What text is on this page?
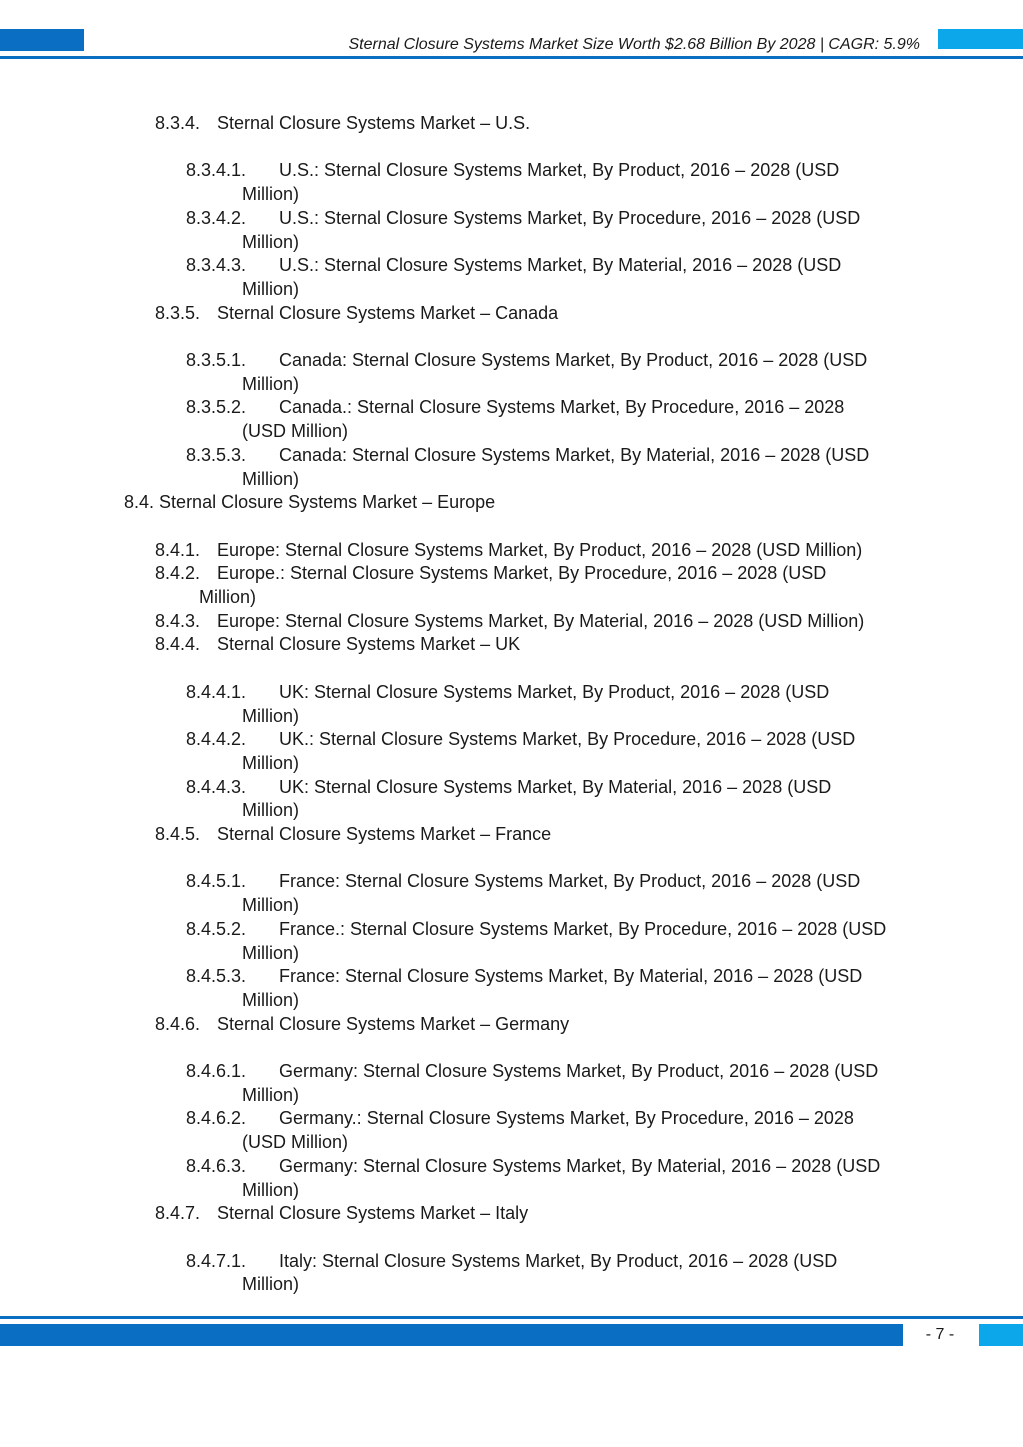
Sternal Closure Systems Market Size Worth $2.68 Billion By 2028 | CAGR: 5.9%
8.3.4. Sternal Closure Systems Market – U.S.
8.3.4.1.	U.S.: Sternal Closure Systems Market, By Product, 2016 – 2028 (USD
Million)
8.3.4.2.	U.S.: Sternal Closure Systems Market, By Procedure, 2016 – 2028 (USD
Million)
8.3.4.3.	U.S.: Sternal Closure Systems Market, By Material, 2016 – 2028 (USD
Million)
8.3.5. Sternal Closure Systems Market – Canada
8.3.5.1.	Canada: Sternal Closure Systems Market, By Product, 2016 – 2028 (USD
Million)
8.3.5.2.	Canada.: Sternal Closure Systems Market, By Procedure, 2016 – 2028
(USD Million)
8.3.5.3.	Canada: Sternal Closure Systems Market, By Material, 2016 – 2028 (USD
Million)
8.4. Sternal Closure Systems Market – Europe
8.4.1. Europe: Sternal Closure Systems Market, By Product, 2016 – 2028 (USD Million)
8.4.2. Europe.: Sternal Closure Systems Market, By Procedure, 2016 – 2028 (USD
Million)
8.4.3. Europe: Sternal Closure Systems Market, By Material, 2016 – 2028 (USD Million)
8.4.4. Sternal Closure Systems Market – UK
8.4.4.1.	UK: Sternal Closure Systems Market, By Product, 2016 – 2028 (USD
Million)
8.4.4.2.	UK.: Sternal Closure Systems Market, By Procedure, 2016 – 2028 (USD
Million)
8.4.4.3.	UK: Sternal Closure Systems Market, By Material, 2016 – 2028 (USD
Million)
8.4.5. Sternal Closure Systems Market – France
8.4.5.1.	France: Sternal Closure Systems Market, By Product, 2016 – 2028 (USD
Million)
8.4.5.2.	France.: Sternal Closure Systems Market, By Procedure, 2016 – 2028 (USD
Million)
8.4.5.3.	France: Sternal Closure Systems Market, By Material, 2016 – 2028 (USD
Million)
8.4.6. Sternal Closure Systems Market – Germany
8.4.6.1.	Germany: Sternal Closure Systems Market, By Product, 2016 – 2028 (USD
Million)
8.4.6.2.	Germany.: Sternal Closure Systems Market, By Procedure, 2016 – 2028
(USD Million)
8.4.6.3.	Germany: Sternal Closure Systems Market, By Material, 2016 – 2028 (USD
Million)
8.4.7. Sternal Closure Systems Market – Italy
8.4.7.1.	Italy: Sternal Closure Systems Market, By Product, 2016 – 2028 (USD
Million)
- 7 -
